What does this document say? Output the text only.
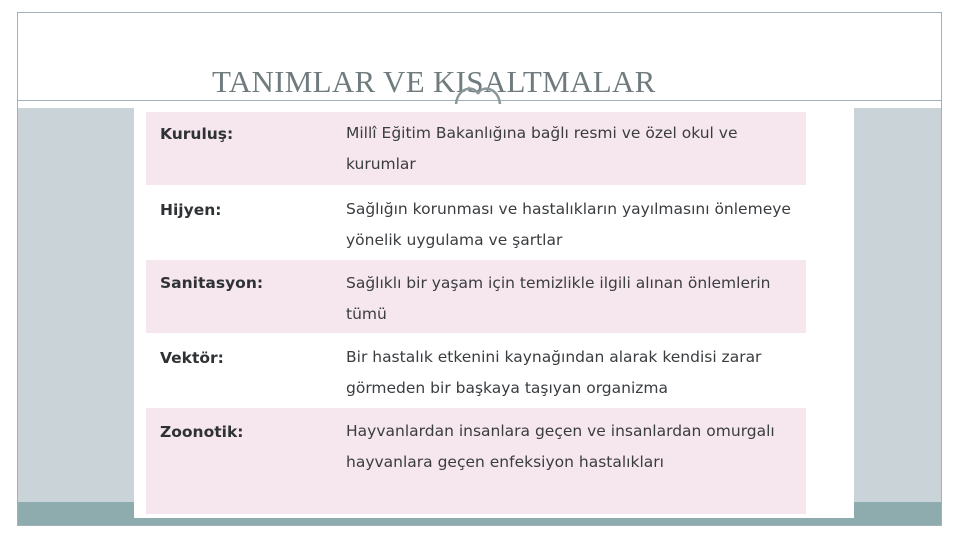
TANIMLAR VE KISALTMALAR
Kuruluş:	Millî Eğitim Bakanlığına bağlı resmi ve özel okul ve kurumlar
Hijyen:	Sağlığın korunması ve hastalıkların yayılmasını önlemeye yönelik uygulama ve şartlar
Sanitasyon:	Sağlıklı bir yaşam için temizlikle ilgili alınan önlemlerin tümü
Vektör:	Bir hastalık etkenini kaynağından alarak kendisi zarar görmeden bir başkaya taşıyan organizma
Zoonotik:	Hayvanlardan insanlara geçen ve insanlardan omurgalı hayvanlara geçen enfeksiyon hastalıkları
